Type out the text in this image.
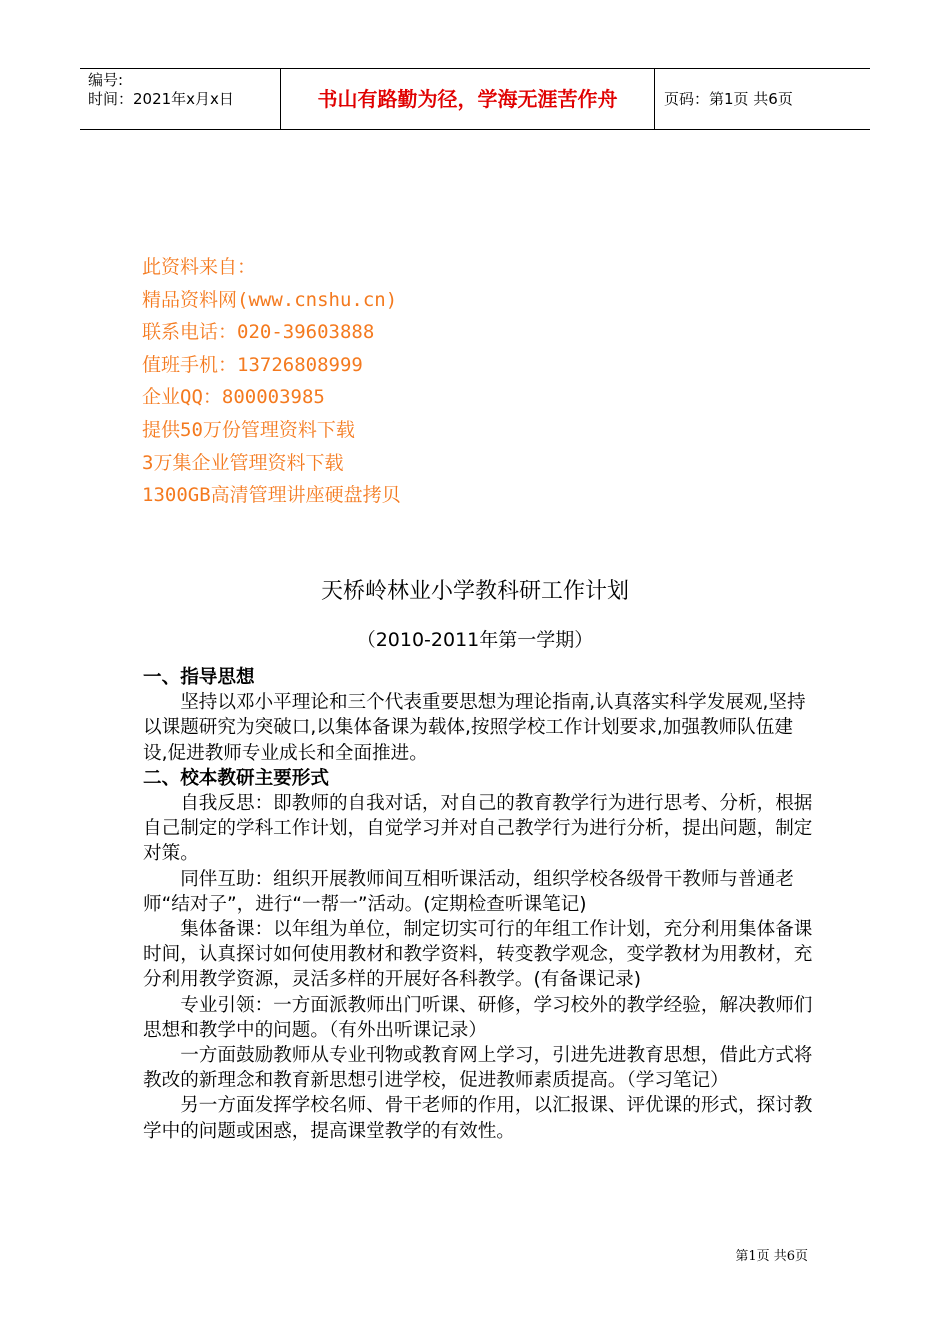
编号:
时间：2021年x月x日	书山有路勤为径，学海无涯苦作舟	页码：第1页 共6页
此资料来自：
精品资料网(www.cnshu.cn)
联系电话：020-39603888
值班手机：13726808999
企业QQ：800003985
提供50万份管理资料下载
3万集企业管理资料下载
1300GB高清管理讲座硬盘拷贝
天桥岭林业小学教科研工作计划
（2010-2011年第一学期）
一、指导思想

坚持以邓小平理论和三个代表重要思想为理论指南,认真落实科学发展观,坚持以课题研究为突破口,以集体备课为载体,按照学校工作计划要求,加强教师队伍建设,促进教师专业成长和全面推进。

二、校本教研主要形式

自我反思：即教师的自我对话，对自己的教育教学行为进行思考、分析，根据自己制定的学科工作计划，自觉学习并对自己教学行为进行分析，提出问题，制定对策。

同伴互助：组织开展教师间互相听课活动，组织学校各级骨干教师与普通老师“结对子”，进行“一帮一”活动。(定期检查听课笔记)

集体备课：以年组为单位，制定切实可行的年组工作计划，充分利用集体备课时间，认真探讨如何使用教材和教学资料，转变教学观念，变学教材为用教材，充分利用教学资源，灵活多样的开展好各科教学。(有备课记录)

专业引领：一方面派教师出门听课、研修，学习校外的教学经验，解决教师们思想和教学中的问题。（有外出听课记录）

一方面鼓励教师从专业刊物或教育网上学习，引进先进教育思想，借此方式将教改的新理念和教育新思想引进学校，促进教师素质提高。（学习笔记）

另一方面发挥学校名师、骨干老师的作用，以汇报课、评优课的形式，探讨教学中的问题或困惑，提高课堂教学的有效性。

第1页 共6页
